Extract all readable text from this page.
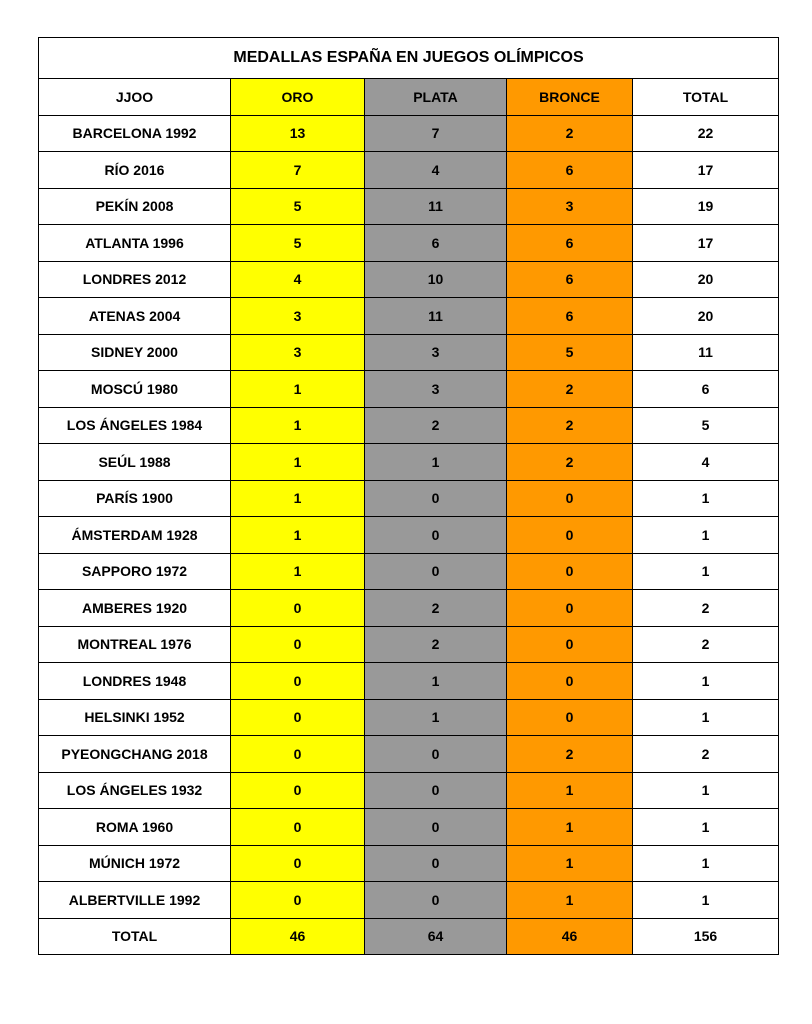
MEDALLAS ESPAÑA EN JUEGOS OLÍMPICOS				
JJOO	ORO	PLATA	BRONCE	TOTAL
BARCELONA 1992	13	7	2	22
RÍO 2016	7	4	6	17
PEKÍN 2008	5	11	3	19
ATLANTA 1996	5	6	6	17
LONDRES 2012	4	10	6	20
ATENAS 2004	3	11	6	20
SIDNEY 2000	3	3	5	11
MOSCÚ 1980	1	3	2	6
LOS ÁNGELES 1984	1	2	2	5
SEÚL 1988	1	1	2	4
PARÍS 1900	1	0	0	1
ÁMSTERDAM 1928	1	0	0	1
SAPPORO 1972	1	0	0	1
AMBERES 1920	0	2	0	2
MONTREAL 1976	0	2	0	2
LONDRES 1948	0	1	0	1
HELSINKI 1952	0	1	0	1
PYEONGCHANG 2018	0	0	2	2
LOS ÁNGELES 1932	0	0	1	1
ROMA 1960	0	0	1	1
MÚNICH 1972	0	0	1	1
ALBERTVILLE 1992	0	0	1	1
TOTAL	46	64	46	156
